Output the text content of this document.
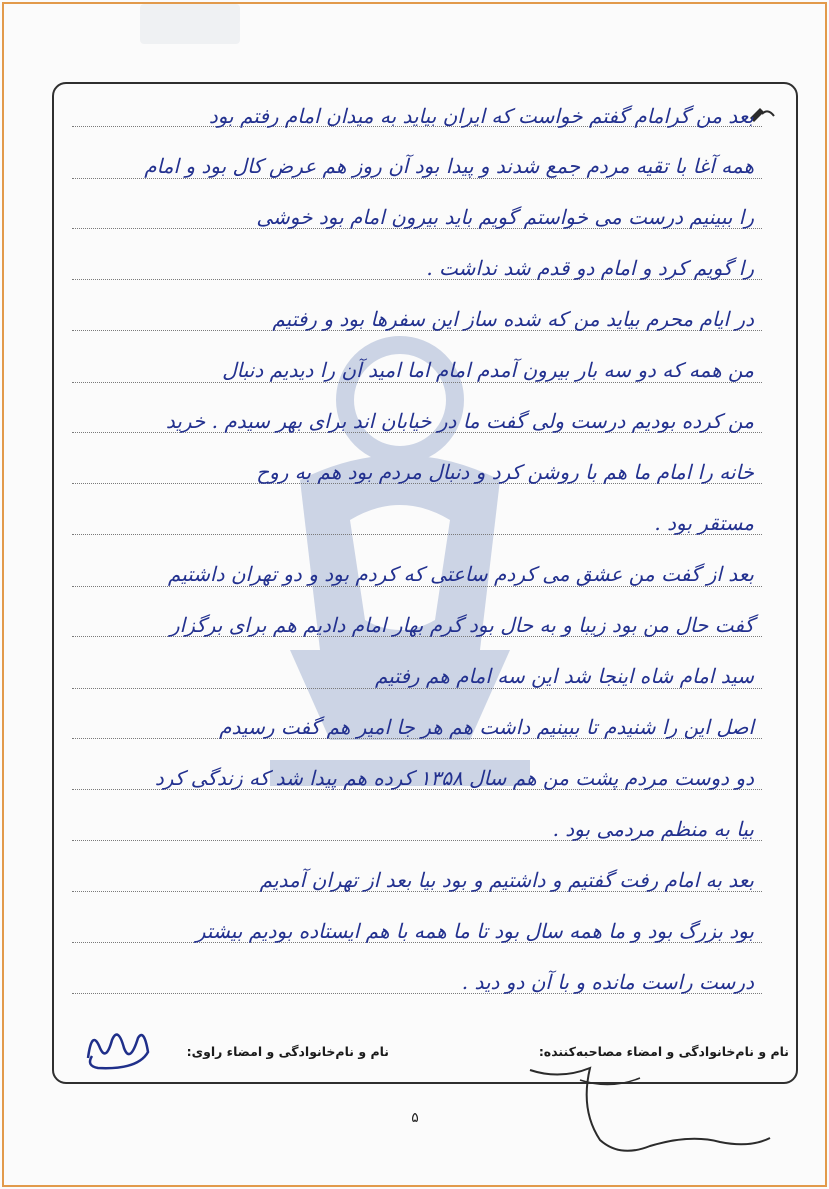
بعد من گرامام گفتم خواست که ایران بیاید به میدان امام رفتم بود
همه آغا با تقیه مردم جمع شدند و پیدا بود آن روز هم عرض کال بود و امام
را ببینیم درست می خواستم گویم باید بیرون امام بود خوشی
را گویم کرد و امام دو قدم شد نداشت .
در ایام محرم بیاید من که شده ساز این سفرها بود و رفتیم
من همه که دو سه بار بیرون آمدم امام اما امید آن را دیدیم دنبال
من کرده بودیم درست ولی گفت ما در خیابان اند برای بهر سیدم . خرید
خانه را امام ما هم با روشن کرد و دنبال مردم بود هم به روح
مستقر بود .
بعد از گفت من عشق می کردم ساعتی که کردم بود و دو تهران داشتیم
گفت حال من بود زیبا و به حال بود گرم بهار امام دادیم هم برای برگزار
سید امام شاه اینجا شد این سه امام هم رفتیم
اصل این را شنیدم تا ببینیم داشت هم هر جا امیر هم گفت رسیدم
دو دوست مردم پشت من هم سال ۱۳۵۸ کرده هم پیدا شد که زندگی کرد
بیا به منظم مردمی بود .
بعد به امام رفت گفتیم و داشتیم و بود بیا بعد از تهران آمدیم
بود بزرگ بود و ما همه سال بود تا ما همه با هم ایستاده بودیم بیشتر
درست راست مانده و با آن دو دید .
نام و نام‌خانوادگی و امضاء مصاحبه‌کننده:
نام و نام‌خانوادگی و امضاء راوی:
۵
